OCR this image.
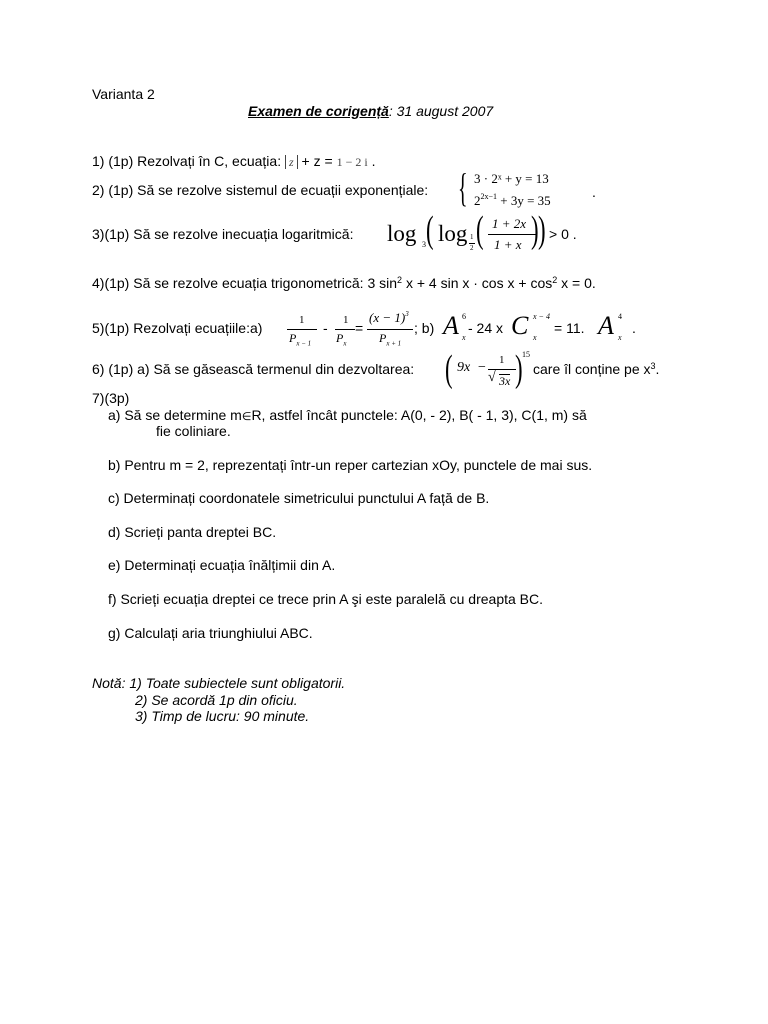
Varianta 2
Examen de corigență: 31 august 2007
1) (1p) Rezolvați în C, ecuația: z + z = 1 − 2 i .
2) (1p) Să se rezolve sistemul de ecuații exponențiale: { 3 · 2ˣ + y = 13
$2^{2x-1} + 3y = 35$
.
3)(1p) Să se rezolve inecuația logaritmică: log 3 ( log 1
2 ( 1 + 2x
1 + x ) ) > 0 .
4)(1p) Să se rezolve ecuația trigonometrică: 3 $\sin^2 x + 4$ $\sin x \cdot \cos x + \cos^2 x = 0$.
5)(1p) Rezolvați ecuațiile:a)	1
$P_{x - 1}$
- 1
$P_x$
=
$(x - 1)^3$
$P_{x + 1}$
; b) A 6
x
- 24 x C x − 4
x
= 11. A 4
x
.
6) (1p) a) Să se găsească termenul din dezvoltarea: ( 9x − 1
√ 3x ) 15
care îl conține pe $x^3$.
7)(3p)
a) Să se determine m∈R, astfel încât punctele: A(0, - 2), B( - 1, 3), C(1, m) să
fie coliniare.
b) Pentru m = 2, reprezentați într-un reper cartezian xOy, punctele de mai sus.
c) Determinați coordonatele simetricului punctului A față de B.
d) Scrieți panta dreptei BC.
e) Determinați ecuația înălțimii din A.
f) Scrieți ecuația dreptei ce trece prin A şi este paralelă cu dreapta BC.
g) Calculați aria triunghiului ABC.
Notă: 1) Toate subiectele sunt obligatorii.
2) Se acordă 1p din oficiu.
3) Timp de lucru: 90 minute.
